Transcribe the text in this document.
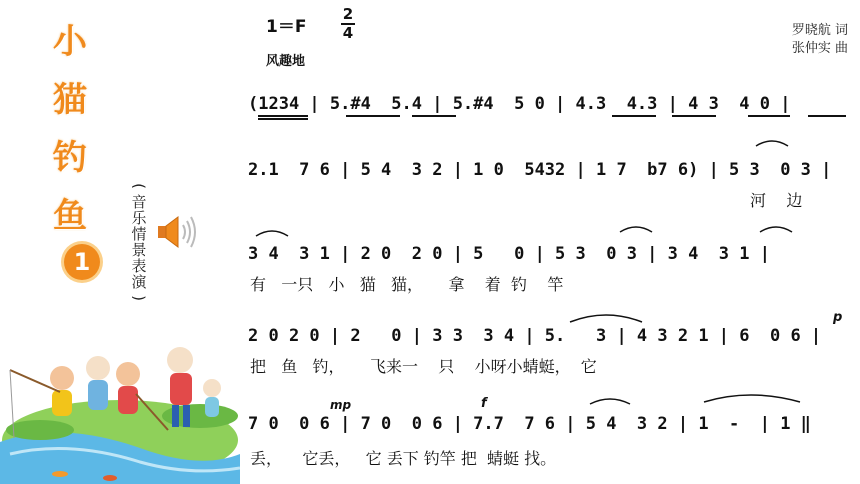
小
猫
钓
鱼
1
(
音
乐
情
景
表
演
)
1＝F
2
4
风趣地
罗晓航 词
张仲实 曲
(1234 | 5.#4  5.4 | 5.#4  5 0 | 4.3  4.3 | 4 3  4 0 |
2.1  7 6 | 5 4  3 2 | 1 0  5432 | 1 7  b7 6) | 5 3  0 3 |
河    边
3 4  3 1 | 2 0  2 0 | 5   0 | 5 3  0 3 | 3 4  3 1 |
有   一只   小   猫   猫，     拿    着  钓    竿
2 0 2 0 | 2   0 | 3 3  3 4 | 5.   3 | 4 3 2 1 | 6  0 6 |
把   鱼   钓，     飞来一    只    小呀小蜻蜓，  它
7 0  0 6 | 7 0  0 6 | 7.7  7 6 | 5 4  3 2 | 1  -  | 1 ‖
丢，    它丢，   它 丢下 钓竿 把  蜻蜓 找。
mp	f
p
